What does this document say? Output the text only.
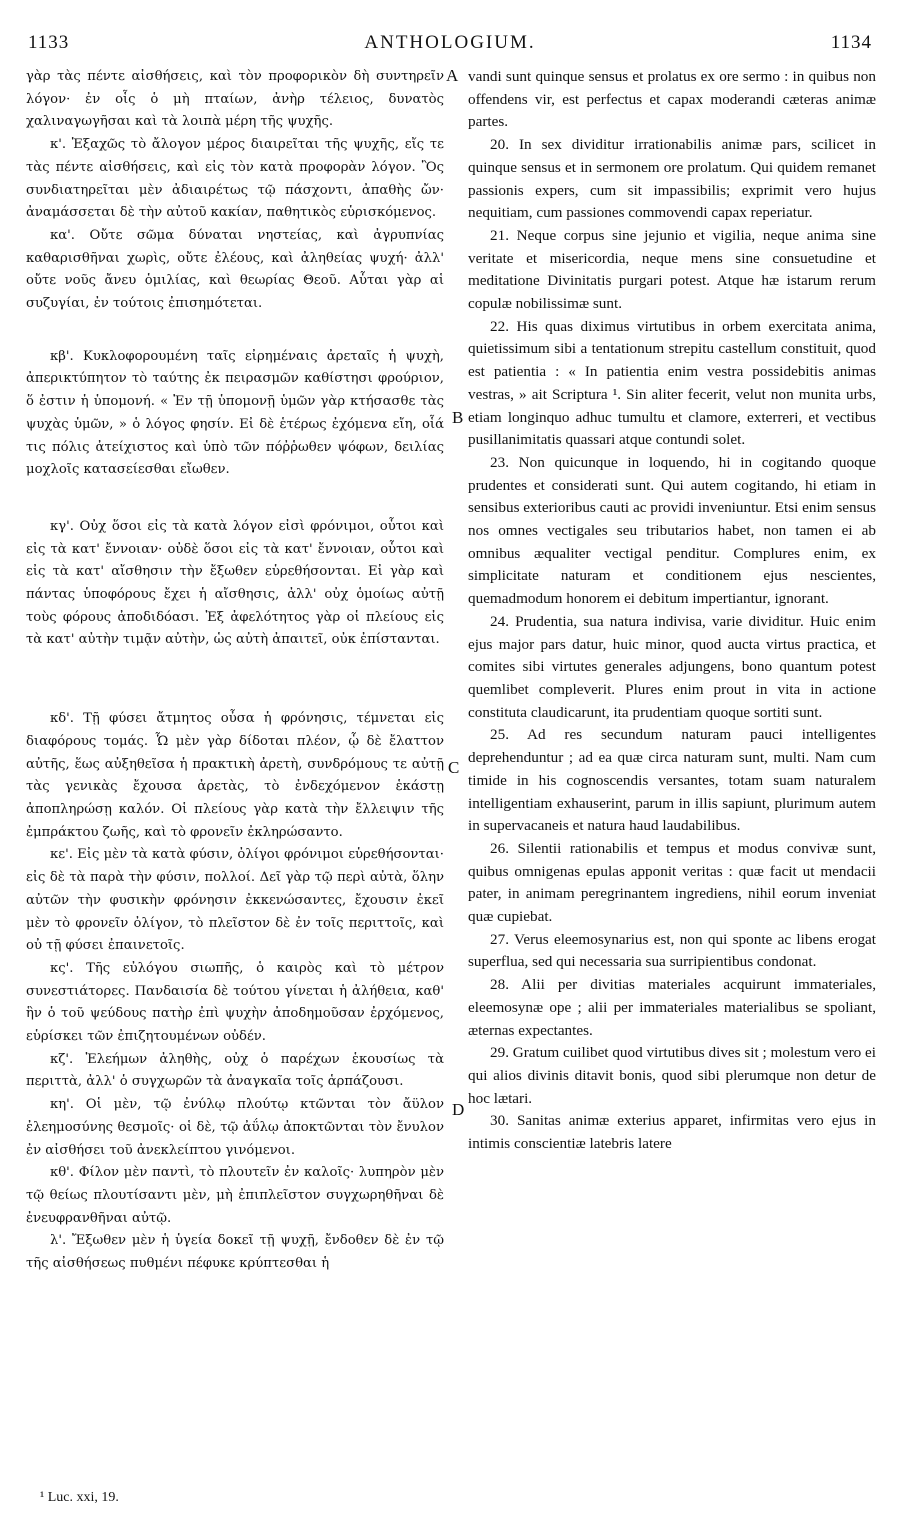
1133	ANTHOLOGIUM.	1134

γὰρ τὰς πέντε αἰσθήσεις, καὶ τὸν προφορικὸν δὴ συντηρεῖν λόγον· ἐν οἷς ὁ μὴ πταίων, ἀνὴρ τέλειος, δυνατὸς χαλιναγωγῆσαι καὶ τὰ λοιπὰ μέρη τῆς ψυχῆς.

κ'. Ἑξαχῶς τὸ ἄλογον μέρος διαιρεῖται τῆς ψυχῆς, εἴς τε τὰς πέντε αἰσθήσεις, καὶ εἰς τὸν κατὰ προφορὰν λόγον. Ὃς συνδιατηρεῖται μὲν ἀδιαιρέτως τῷ πάσχοντι, ἀπαθὴς ὤν· ἀναμάσσεται δὲ τὴν αὐτοῦ κακίαν, παθητικὸς εὑρισκόμενος.

κα'. Οὔτε σῶμα δύναται νηστείας, καὶ ἀγρυπνίας καθαρισθῆναι χωρὶς, οὔτε ἐλέους, καὶ ἀληθείας ψυχή· ἀλλ' οὔτε νοῦς ἄνευ ὁμιλίας, καὶ θεωρίας Θεοῦ. Αὗται γὰρ αἱ συζυγίαι, ἐν τούτοις ἐπισημότεται.

κβ'. Κυκλοφορουμένη ταῖς εἰρημέναις ἀρεταῖς ἡ ψυχὴ, ἀπερικτύπητον τὸ ταύτης ἐκ πειρασμῶν καθίστησι φρούριον, ὅ ἐστιν ἡ ὑπομονή. « Ἐν τῇ ὑπομονῇ ὑμῶν γὰρ κτήσασθε τὰς ψυχὰς ὑμῶν, » ὁ λόγος φησίν. Εἰ δὲ ἑτέρως ἐχόμενα εἴη, οἷά τις πόλις ἀτείχιστος καὶ ὑπὸ τῶν πόῤῥωθεν ψόφων, δειλίας μοχλοῖς κατασείεσθαι εἴωθεν.

κγ'. Οὐχ ὅσοι εἰς τὰ κατὰ λόγον εἰσὶ φρόνιμοι, οὗτοι καὶ εἰς τὰ κατ' ἔννοιαν· οὐδὲ ὅσοι εἰς τὰ κατ' ἔννοιαν, οὗτοι καὶ εἰς τὰ κατ' αἴσθησιν τὴν ἔξωθεν εὑρεθήσονται. Εἰ γὰρ καὶ πάντας ὑποφόρους ἔχει ἡ αἴσθησις, ἀλλ' οὐχ ὁμοίως αὐτῇ τοὺς φόρους ἀποδιδόασι. Ἐξ ἀφελότητος γὰρ οἱ πλείους εἰς τὰ κατ' αὐτὴν τιμᾷν αὐτὴν, ὡς αὐτὴ ἀπαιτεῖ, οὐκ ἐπίστανται.

κδ'. Τῇ φύσει ἄτμητος οὖσα ἡ φρόνησις, τέμνεται εἰς διαφόρους τομάς. Ὧ μὲν γὰρ δίδοται πλέον, ᾧ δὲ ἔλαττον αὐτῆς, ἕως αὐξηθεῖσα ἡ πρακτικὴ ἀρετὴ, συνδρόμους τε αὐτῇ τὰς γενικὰς ἔχουσα ἀρετὰς, τὸ ἐνδεχόμενον ἑκάστῃ ἀποπληρώσῃ καλόν. Οἱ πλείους γὰρ κατὰ τὴν ἔλλειψιν τῆς ἐμπράκτου ζωῆς, καὶ τὸ φρονεῖν ἐκληρώσαντο.

κε'. Εἰς μὲν τὰ κατὰ φύσιν, ὀλίγοι φρόνιμοι εὑρεθήσονται· εἰς δὲ τὰ παρὰ τὴν φύσιν, πολλοί. Δεῖ γὰρ τῷ περὶ αὐτὰ, ὅλην αὐτῶν τὴν φυσικὴν φρόνησιν ἐκκενώσαντες, ἔχουσιν ἐκεῖ μὲν τὸ φρονεῖν ὀλίγον, τὸ πλεῖστον δὲ ἐν τοῖς περιττοῖς, καὶ οὐ τῇ φύσει ἐπαινετοῖς.

κς'. Τῆς εὐλόγου σιωπῆς, ὁ καιρὸς καὶ τὸ μέτρον συνεστιάτορες. Πανδαισία δὲ τούτου γίνεται ἡ ἀλήθεια, καθ' ἣν ὁ τοῦ ψεύδους πατὴρ ἐπὶ ψυχὴν ἀποδημοῦσαν ἐρχόμενος, εὑρίσκει τῶν ἐπιζητουμένων οὐδέν.

κζ'. Ἐλεήμων ἀληθὴς, οὐχ ὁ παρέχων ἑκουσίως τὰ περιττὰ, ἀλλ' ὁ συγχωρῶν τὰ ἀναγκαῖα τοῖς ἁρπάζουσι.

κη'. Οἱ μὲν, τῷ ἐνύλῳ πλούτῳ κτῶνται τὸν ἄϋλον ἐλεημοσύνης θεσμοῖς· οἱ δὲ, τῷ ἀΰλῳ ἀποκτῶνται τὸν ἔνυλον ἐν αἰσθήσει τοῦ ἀνεκλείπτου γινόμενοι.

κθ'. Φίλον μὲν παντὶ, τὸ πλουτεῖν ἐν καλοῖς· λυπηρὸν μὲν τῷ θείως πλουτίσαντι μὲν, μὴ ἐπιπλεῖστον συγχωρηθῆναι δὲ ἐνευφρανθῆναι αὐτῷ.

λ'. Ἔξωθεν μὲν ἡ ὑγεία δοκεῖ τῇ ψυχῇ, ἔνδοθεν δὲ ἐν τῷ τῆς αἰσθήσεως πυθμένι πέφυκε κρύπτεσθαι ἡ

A
B
C
D

vandi sunt quinque sensus et prolatus ex ore sermo : in quibus non offendens vir, est perfectus et capax moderandi cæteras animæ partes.

20. In sex dividitur irrationabilis animæ pars, scilicet in quinque sensus et in sermonem ore prolatum. Qui quidem remanet passionis expers, cum sit impassibilis; exprimit vero hujus nequitiam, cum passiones commovendi capax reperiatur.

21. Neque corpus sine jejunio et vigilia, neque anima sine veritate et misericordia, neque mens sine consuetudine et meditatione Divinitatis purgari potest. Atque hæ istarum rerum copulæ nobilissimæ sunt.

22. His quas diximus virtutibus in orbem exercitata anima, quietissimum sibi a tentationum strepitu castellum constituit, quod est patientia : « In patientia enim vestra possidebitis animas vestras, » ait Scriptura ¹. Sin aliter fecerit, velut non munita urbs, etiam longinquo adhuc tumultu et clamore, exterreri, et vectibus pusillanimitatis quassari atque contundi solet.

23. Non quicunque in loquendo, hi in cogitando quoque prudentes et considerati sunt. Qui autem cogitando, hi etiam in sensibus exterioribus cauti ac providi inveniuntur. Etsi enim sensus nos omnes vectigales seu tributarios habet, non tamen ei ab omnibus æqualiter vectigal penditur. Complures enim, ex simplicitate naturam et conditionem ejus nescientes, quemadmodum honorem ei debitum impertiantur, ignorant.

24. Prudentia, sua natura indivisa, varie dividitur. Huic enim ejus major pars datur, huic minor, quod aucta virtus practica, et comites sibi virtutes generales adjungens, bono quantum potest quemlibet compleverit. Plures enim prout in vita in actione constituta claudicarunt, ita prudentiam quoque sortiti sunt.

25. Ad res secundum naturam pauci intelligentes deprehenduntur ; ad ea quæ circa naturam sunt, multi. Nam cum timide in his cognoscendis versantes, totam suam naturalem intelligentiam exhauserint, parum in illis sapiunt, plurimum autem in supervacaneis et natura haud laudabilibus.

26. Silentii rationabilis et tempus et modus convivæ sunt, quibus omnigenas epulas apponit veritas : quæ facit ut mendacii pater, in animam peregrinantem ingrediens, nihil eorum inveniat quæ cupiebat.

27. Verus eleemosynarius est, non qui sponte ac libens erogat superflua, sed qui necessaria sua surripientibus condonat.

28. Alii per divitias materiales acquirunt immateriales, eleemosynæ ope ; alii per immateriales materialibus se spoliant, æternas expectantes.

29. Gratum cuilibet quod virtutibus dives sit ; molestum vero ei qui alios divinis ditavit bonis, quod sibi plerumque non detur de hoc lætari.

30. Sanitas animæ exterius apparet, infirmitas vero ejus in intimis conscientiæ latebris latere

¹ Luc. xxi, 19.
